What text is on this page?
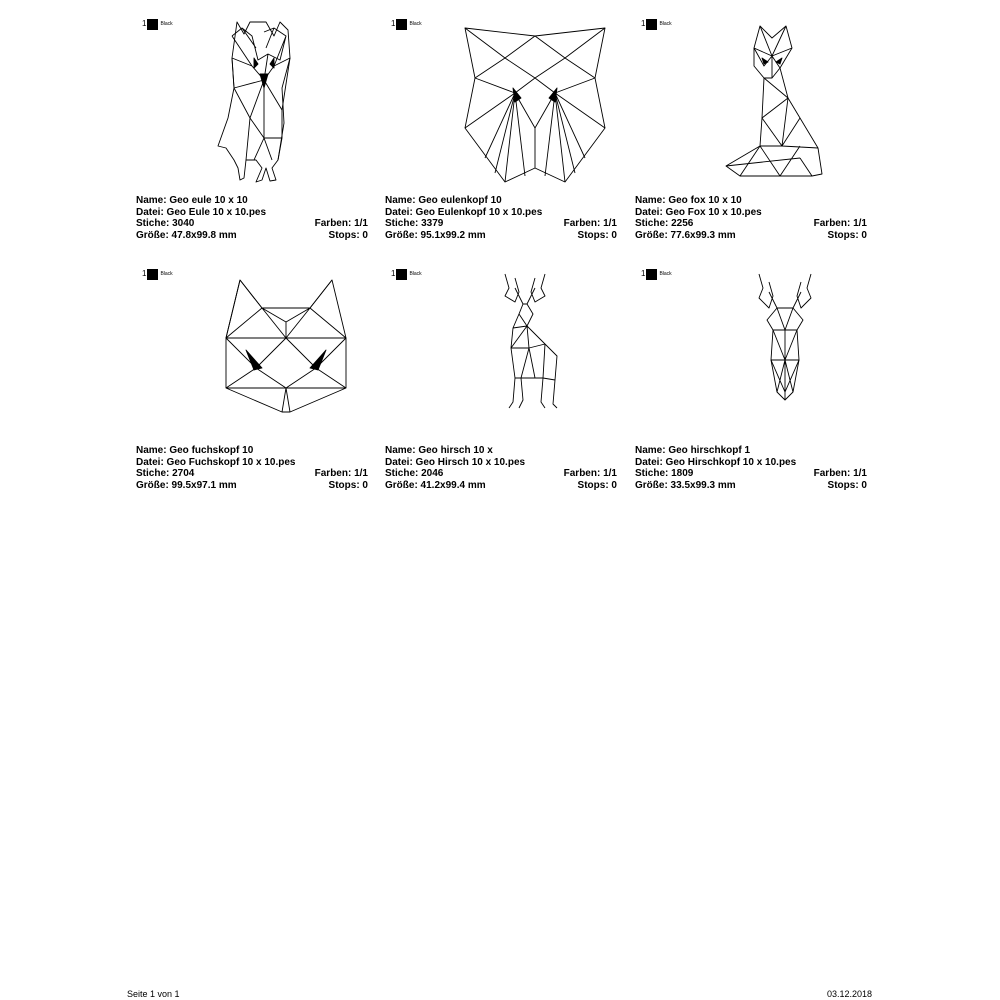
1	Black
Name: Geo eule 10 x 10
Datei: Geo Eule 10 x 10.pes
Stiche: 3040	Farben: 1/1
Größe: 47.8x99.8 mm	Stops: 0
1	Black
Name: Geo eulenkopf 10
Datei: Geo Eulenkopf 10 x 10.pes
Stiche: 3379	Farben: 1/1
Größe: 95.1x99.2 mm	Stops: 0
1	Black
Name: Geo fox 10 x 10
Datei: Geo Fox 10 x 10.pes
Stiche: 2256	Farben: 1/1
Größe: 77.6x99.3 mm	Stops: 0
1	Black
Name: Geo fuchskopf 10
Datei: Geo Fuchskopf 10 x 10.pes
Stiche: 2704	Farben: 1/1
Größe: 99.5x97.1 mm	Stops: 0
1	Black
Name: Geo hirsch 10 x
Datei: Geo Hirsch 10 x 10.pes
Stiche: 2046	Farben: 1/1
Größe: 41.2x99.4 mm	Stops: 0
1	Black
Name: Geo hirschkopf 1
Datei: Geo Hirschkopf 10 x 10.pes
Stiche: 1809	Farben: 1/1
Größe: 33.5x99.3 mm	Stops: 0
Seite 1 von 1	03.12.2018
